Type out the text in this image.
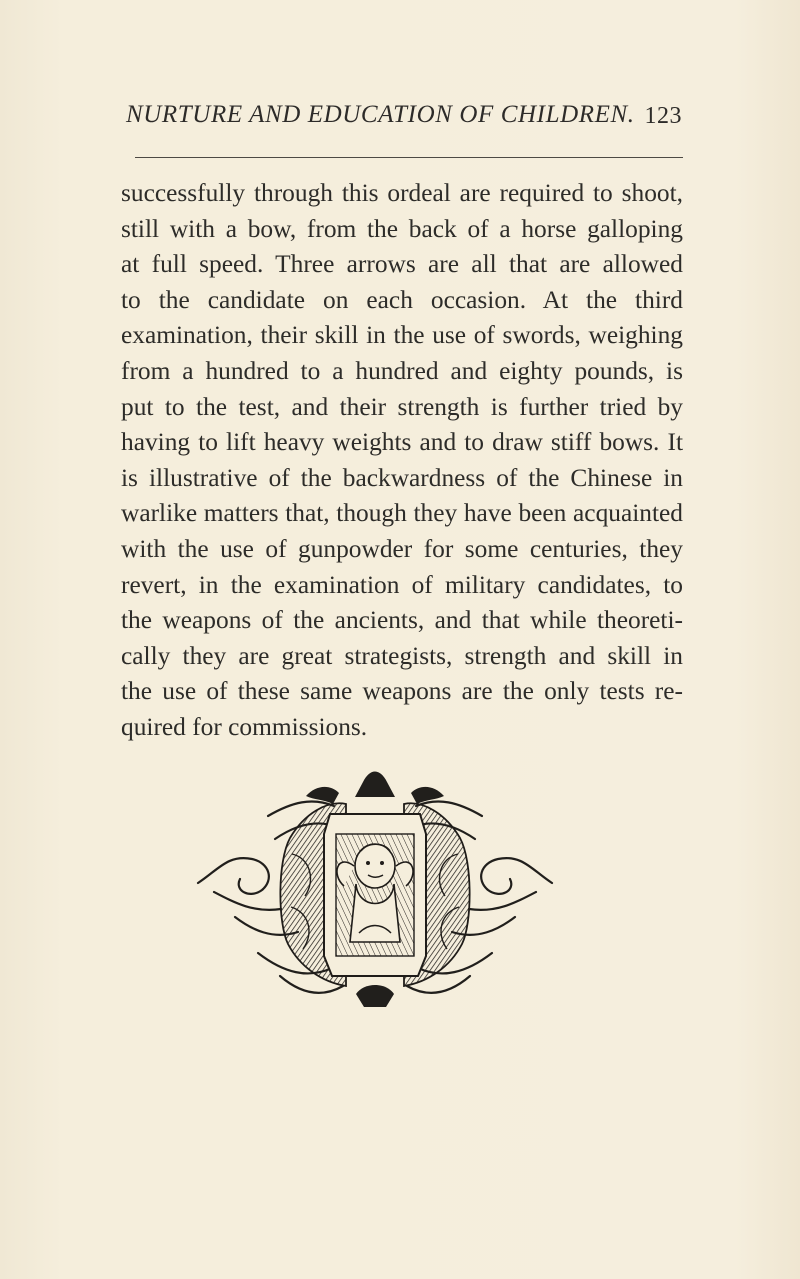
NURTURE AND EDUCATION OF CHILDREN. 123
successfully through this ordeal are required to shoot,
still with a bow, from the back of a horse galloping
at full speed. Three arrows are all that are allowed
to the candidate on each occasion. At the third
examination, their skill in the use of swords, weighing
from a hundred to a hundred and eighty pounds, is
put to the test, and their strength is further tried by
having to lift heavy weights and to draw stiff bows. It
is illustrative of the backwardness of the Chinese in
warlike matters that, though they have been acquainted
with the use of gunpowder for some centuries, they
revert, in the examination of military candidates, to
the weapons of the ancients, and that while theoreti-
cally they are great strategists, strength and skill in
the use of these same weapons are the only tests re-
quired for commissions.
